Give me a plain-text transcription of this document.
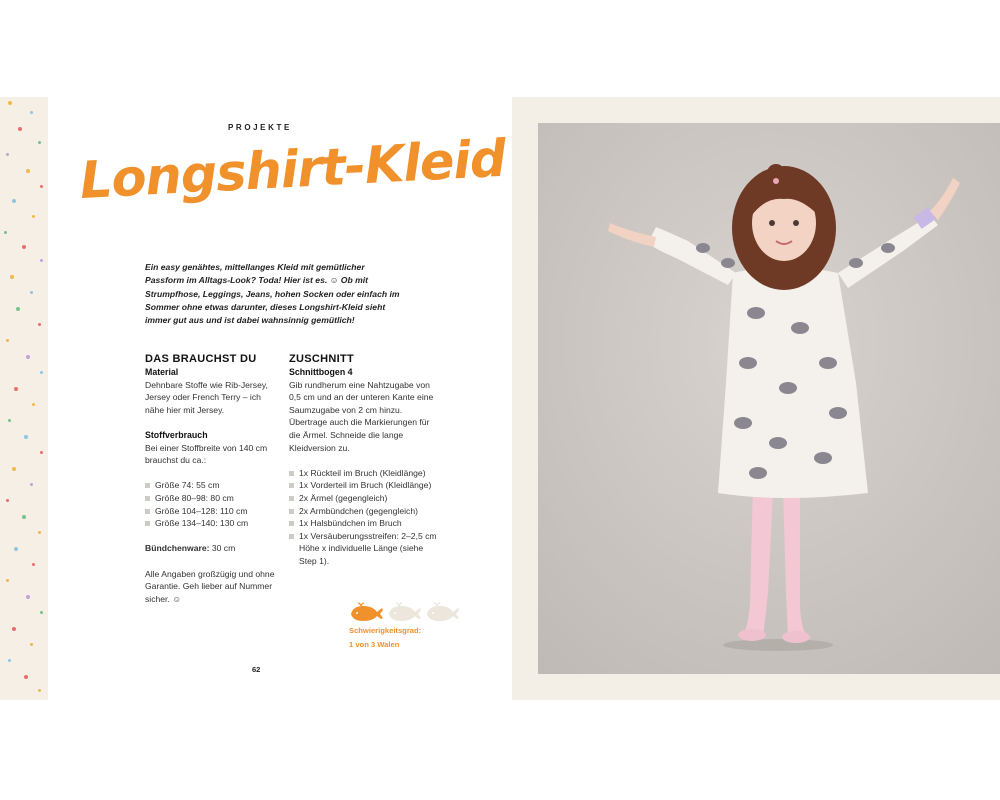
PROJEKTE
Longshirt-Kleid
Ein easy genähtes, mittellanges Kleid mit gemütlicher Passform im Alltags-Look? Toda! Hier ist es. ☺ Ob mit Strumpfhose, Leggings, Jeans, hohen Socken oder einfach im Sommer ohne etwas darunter, dieses Longshirt-Kleid sieht immer gut aus und ist dabei wahnsinnig gemütlich!
DAS BRAUCHST DU
Material

Dehnbare Stoffe wie Rib-Jersey, Jersey oder French Terry – ich nähe hier mit Jersey.

Stoffverbrauch

Bei einer Stoffbreite von 140 cm brauchst du ca.:

Größe 74: 55 cm
Größe 80–98: 80 cm
Größe 104–128: 110 cm
Größe 134–140: 130 cm

Bündchenware: 30 cm

Alle Angaben großzügig und ohne Garantie. Geh lieber auf Nummer sicher. ☺

ZUSCHNITT
Schnittbogen 4

Gib rundherum eine Nahtzugabe von 0,5 cm und an der unteren Kante eine Saumzugabe von 2 cm hinzu. Übertrage auch die Markierungen für die Ärmel. Schneide die lange Kleidversion zu.

1x Rückteil im Bruch (Kleidlänge)
1x Vorderteil im Bruch (Kleidlänge)
2x Ärmel (gegengleich)
2x Armbündchen (gegengleich)
1x Halsbündchen im Bruch
1x Versäuberungsstreifen: 2–2,5 cm Höhe x individuelle Länge (siehe Step 1).
Schwierigkeitsgrad:
1 von 3 Walen
62
